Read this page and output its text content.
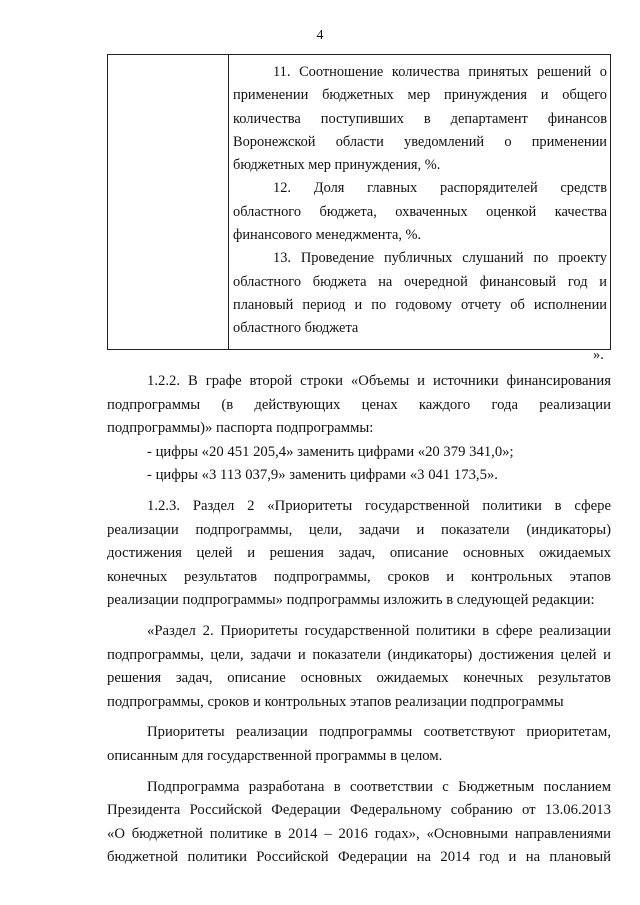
4
11. Соотношение количества принятых решений о
применении бюджетных мер принуждения и общего
количества поступивших в департамент финансов
Воронежской области уведомлений о применении
бюджетных мер принуждения, %.
12. Доля главных распорядителей средств
областного бюджета, охваченных оценкой качества
финансового менеджмента, %.
13. Проведение публичных слушаний по проекту
областного бюджета на очередной финансовый год и
плановый период и по годовому отчету об исполнении
областного бюджета
».
1.2.2. В графе второй строки «Объемы и источники финансирования
подпрограммы (в действующих ценах каждого года реализации
подпрограммы)» паспорта подпрограммы:
- цифры «20 451 205,4» заменить цифрами «20 379 341,0»;
- цифры «3 113 037,9» заменить цифрами «3 041 173,5».
1.2.3. Раздел 2 «Приоритеты государственной политики в сфере
реализации подпрограммы, цели, задачи и показатели (индикаторы)
достижения целей и решения задач, описание основных ожидаемых
конечных результатов подпрограммы, сроков и контрольных этапов
реализации подпрограммы» подпрограммы изложить в следующей редакции:
«Раздел 2. Приоритеты государственной политики в сфере реализации
подпрограммы, цели, задачи и показатели (индикаторы) достижения целей и
решения задач, описание основных ожидаемых конечных результатов
подпрограммы, сроков и контрольных этапов реализации подпрограммы
Приоритеты реализации подпрограммы соответствуют приоритетам,
описанным для государственной программы в целом.
Подпрограмма разработана в соответствии с Бюджетным посланием
Президента Российской Федерации Федеральному собранию от 13.06.2013
«О бюджетной политике в 2014 – 2016 годах», «Основными направлениями
бюджетной политики Российской Федерации на 2014 год и на плановый
